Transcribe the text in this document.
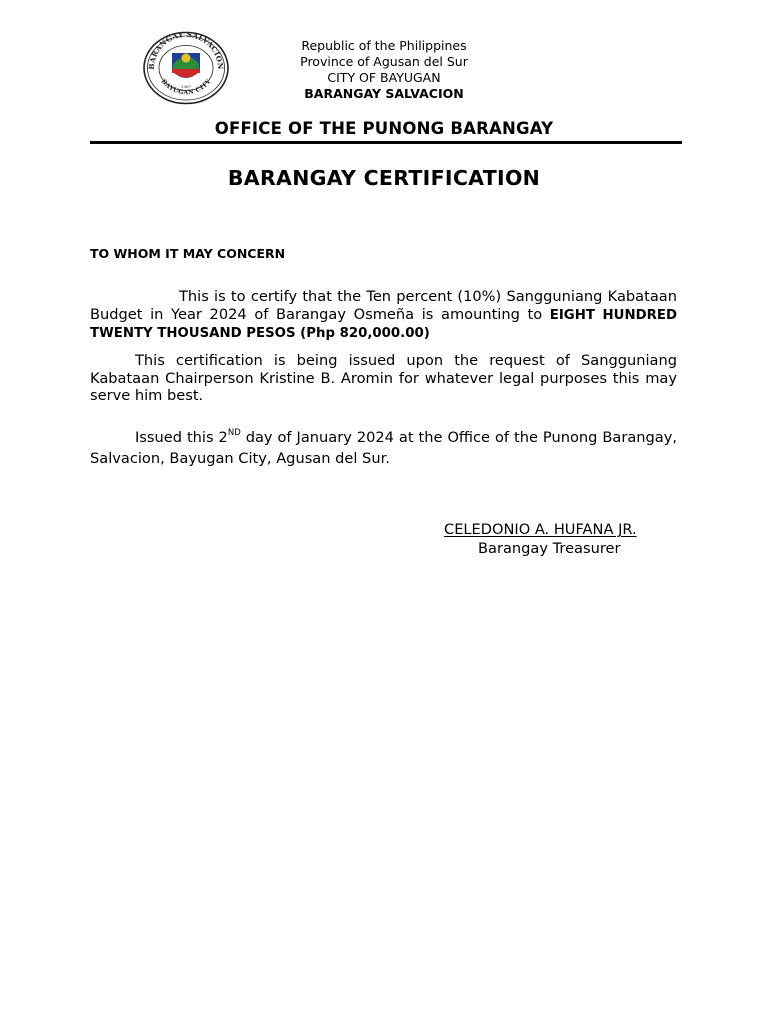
BARANGAY SALVACION
BAYUGAN CITY
1967
Republic of the Philippines
Province of Agusan del Sur
CITY OF BAYUGAN
BARANGAY SALVACION
OFFICE OF THE PUNONG BARANGAY
BARANGAY CERTIFICATION
TO WHOM IT MAY CONCERN
This is to certify that the Ten percent (10%) Sangguniang Kabataan Budget in Year 2024 of Barangay Osmeña is amounting to EIGHT HUNDRED TWENTY THOUSAND PESOS (Php 820,000.00)
This certification is being issued upon the request of Sangguniang Kabataan Chairperson Kristine B. Aromin for whatever legal purposes this may serve him best.
Issued this 2ND day of January 2024 at the Office of the Punong Barangay, Salvacion, Bayugan City, Agusan del Sur.
CELEDONIO A. HUFANA JR.
Barangay Treasurer
